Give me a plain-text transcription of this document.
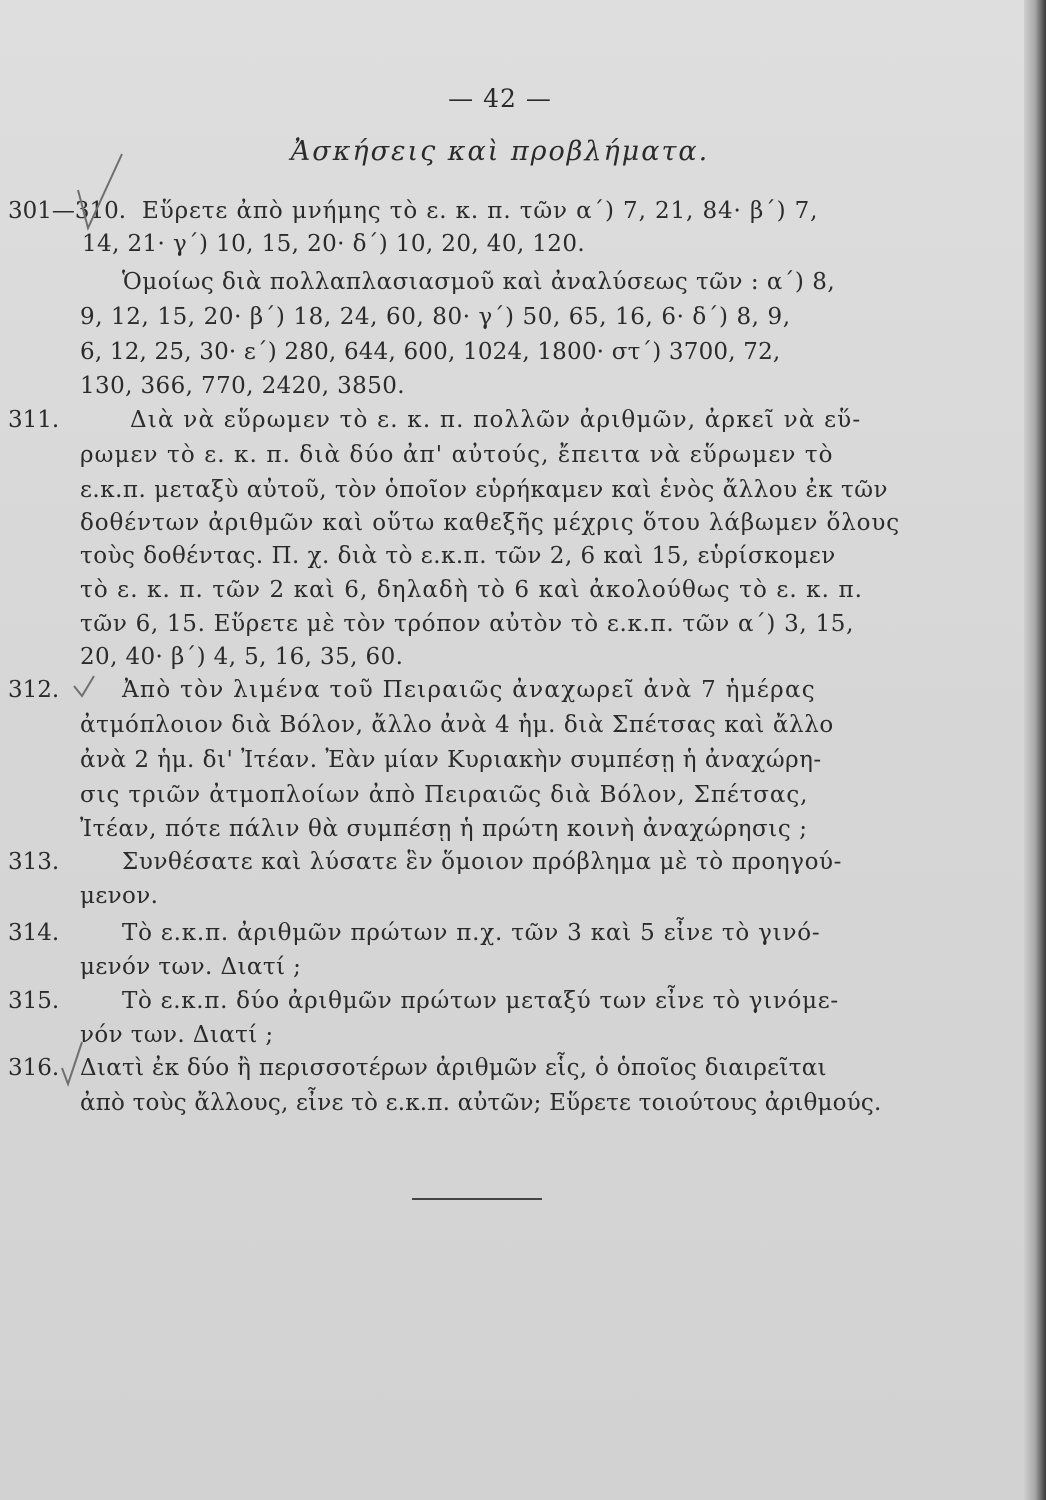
— 42 —
Ἀσκήσεις καὶ προβλήματα.
301—310. Εὕρετε ἀπὸ μνήμης τὸ ε. κ. π. τῶν α΄) 7, 21, 84· β΄) 7,
14, 21· γ΄) 10, 15, 20· δ΄) 10, 20, 40, 120.
Ὁμοίως διὰ πολλαπλασιασμοῦ καὶ ἀναλύσεως τῶν : α΄) 8,
9, 12, 15, 20· β΄) 18, 24, 60, 80· γ΄) 50, 65, 16, 6· δ΄) 8, 9,
6, 12, 25, 30· ε΄) 280, 644, 600, 1024, 1800· στ΄) 3700, 72,
130, 366, 770, 2420, 3850.
311.	Διὰ νὰ εὕρωμεν τὸ ε. κ. π. πολλῶν ἀριθμῶν, ἀρκεῖ νὰ εὕ-
ρωμεν τὸ ε. κ. π. διὰ δύο ἀπ' αὐτούς, ἔπειτα νὰ εὕρωμεν τὸ
ε.κ.π. μεταξὺ αὐτοῦ, τὸν ὁποῖον εὑρήκαμεν καὶ ἑνὸς ἄλλου ἐκ τῶν
δοθέντων ἀριθμῶν καὶ οὕτω καθεξῆς μέχρις ὅτου λάβωμεν ὅλους
τοὺς δοθέντας. Π. χ. διὰ τὸ ε.κ.π. τῶν 2, 6 καὶ 15, εὑρίσκομεν
τὸ ε. κ. π. τῶν 2 καὶ 6, δηλαδὴ τὸ 6 καὶ ἀκολούθως τὸ ε. κ. π.
τῶν 6, 15. Εὕρετε μὲ τὸν τρόπον αὐτὸν τὸ ε.κ.π. τῶν α΄) 3, 15,
20, 40· β΄) 4, 5, 16, 35, 60.
312.	Ἀπὸ τὸν λιμένα τοῦ Πειραιῶς ἀναχωρεῖ ἀνὰ 7 ἡμέρας
ἀτμόπλοιον διὰ Βόλον, ἄλλο ἀνὰ 4 ἡμ. διὰ Σπέτσας καὶ ἄλλο
ἀνὰ 2 ἡμ. δι' Ἰτέαν. Ἐὰν μίαν Κυριακὴν συμπέσῃ ἡ ἀναχώρη-
σις τριῶν ἀτμοπλοίων ἀπὸ Πειραιῶς διὰ Βόλον, Σπέτσας,
Ἰτέαν, πότε πάλιν θὰ συμπέσῃ ἡ πρώτη κοινὴ ἀναχώρησις ;
313.	Συνθέσατε καὶ λύσατε ἓν ὅμοιον πρόβλημα μὲ τὸ προηγού-
μενον.
314.	Τὸ ε.κ.π. ἀριθμῶν πρώτων π.χ. τῶν 3 καὶ 5 εἶνε τὸ γινό-
μενόν των. Διατί ;
315.	Τὸ ε.κ.π. δύο ἀριθμῶν πρώτων μεταξύ των εἶνε τὸ γινόμε-
νόν των. Διατί ;
316. Διατὶ ἐκ δύο ἢ περισσοτέρων ἀριθμῶν εἷς, ὁ ὁποῖος διαιρεῖται
ἀπὸ τοὺς ἄλλους, εἶνε τὸ ε.κ.π. αὐτῶν; Εὕρετε τοιούτους ἀριθμούς.
